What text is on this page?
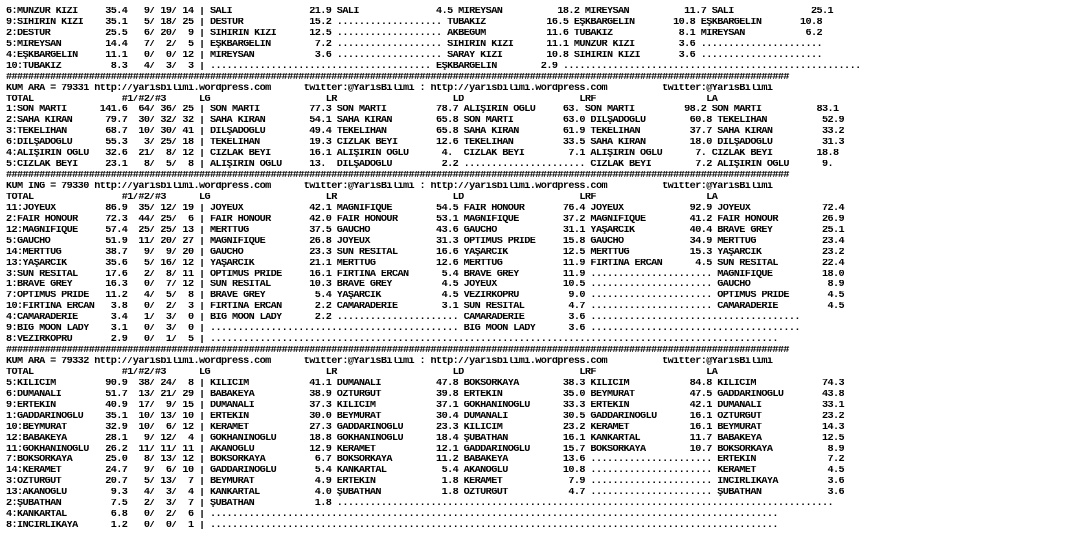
6:MUNZUR KIZI     35.4   9/ 19/ 14 | SALİ              21.9 SALİ              4.5 MİREYSAN          18.2 MİREYSAN          11.7 SALİ              25.1
9:SİHİRİN KIZI    35.1   5/ 18/ 25 | DESTUR            15.2 ................... TUBAKIZ           16.5 EŞKBARGELİN       10.8 EŞKBARGELİN       10.8
2:DESTUR          25.5   6/ 20/  9 | SİHİRİN KIZI      12.5 ................... AKBEGÜM           11.6 TUBAKIZ            8.1 MİREYSAN           6.2
5:MİREYSAN        14.4   7/  2/  5 | EŞKBARGELİN        7.2 ................... SİHİRİN KIZI      11.1 MUNZUR KIZI        3.6 ......................
4:EŞKBARGELİN     11.1   0/  0/ 12 | MİREYSAN           3.6 ................... SARAY KIZI        10.8 SİHİRİN KIZI       3.6 ......................
10:TUBAKIZ         8.3   4/  3/  3 | ........................................ EŞKBARGELİN        2.9 ......................................................
##############################################################################################################################################
KUM ARA = 79331 http://yarisbilimi.wordpress.com      twitter:@YarisBilimi : http://yarisbilimi.wordpress.com          twitter:@YarisBilimi
TOTAL                #1/#2/#3      LG                     LR                     LD                     LRF                    LA
1:SON MARTI      141.6  64/ 36/ 25 | SON MARTI         77.3 SON MARTI         78.7 ALİŞİRİN OĞLU     63. SON MARTI         98.2 SON MARTI          83.1
2:SAHA KIRAN      79.7  30/ 32/ 32 | SAHA KIRAN        54.1 SAHA KIRAN        65.8 SON MARTI         63.0 DİLŞADOĞLU        60.8 TEKELİHAN          52.9
3:TEKELİHAN       68.7  10/ 30/ 41 | DİLŞADOĞLU        49.4 TEKELİHAN         65.8 SAHA KIRAN        61.9 TEKELİHAN         37.7 SAHA KIRAN         33.2
6:DİLŞADOĞLU      55.3   3/ 25/ 18 | TEKELİHAN         19.3 CIZLAK BEYİ       12.6 TEKELİHAN         33.5 SAHA KIRAN        18.0 DİLŞADOĞLU         31.3
4:ALİŞİRİN OĞLU   32.6  21/  8/ 12 | CIZLAK BEYİ       16.1 ALİŞİRİN OĞLU      4.  CIZLAK BEYİ        7.1 ALİŞİRİN OĞLU      7. CIZLAK BEYİ        18.8
5:CIZLAK BEYİ     23.1   8/  5/  8 | ALİŞİRİN OĞLU     13.  DİLŞADOĞLU         2.2 ...................... CIZLAK BEYİ        7.2 ALİŞİRİN OĞLU      9.
##############################################################################################################################################
KUM İNG = 79330 http://yarisbilimi.wordpress.com      twitter:@YarisBilimi : http://yarisbilimi.wordpress.com          twitter:@YarisBilimi
TOTAL                #1/#2/#3      LG                     LR                     LD                     LRF                    LA
11:JOYEUX         86.9  35/ 12/ 19 | JOYEUX            42.1 MAGNIFIQUE        54.5 FAIR HONOUR       76.4 JOYEUX            92.9 JOYEUX             72.4
2:FAIR HONOUR     72.3  44/ 25/  6 | FAIR HONOUR       42.0 FAIR HONOUR       53.1 MAGNIFIQUE        37.2 MAGNIFIQUE        41.2 FAIR HONOUR        26.9
12:MAGNIFIQUE     57.4  25/ 25/ 13 | MERTTUĞ           37.5 GAUCHO            43.6 GAUCHO            31.1 YAŞARCIK          40.4 BRAVE GREY         25.1
5:GAUCHO          51.9  11/ 20/ 27 | MAGNIFIQUE        26.8 JOYEUX            31.3 OPTIMUS PRIDE     15.8 GAUCHO            34.9 MERTTUĞ            23.4
14:MERTTUĞ        38.7   9/  9/ 20 | GAUCHO            23.3 SUN RESİTAL       16.6 YAŞARCIK          12.5 MERTTUĞ           15.3 YAŞARCIK           23.2
13:YAŞARCIK       35.6   5/ 16/ 12 | YAŞARCIK          21.1 MERTTUĞ           12.6 MERTTUĞ           11.9 FIRTINA ERCAN      4.5 SUN RESİTAL        22.4
3:SUN RESİTAL     17.6   2/  8/ 11 | OPTIMUS PRIDE     16.1 FIRTINA ERCAN      5.4 BRAVE GREY        11.9 ...................... MAGNIFIQUE         18.0
1:BRAVE GREY      16.3   0/  7/ 12 | SUN RESİTAL       10.3 BRAVE GREY         4.5 JOYEUX            10.5 ...................... GAUCHO              8.9
7:OPTIMUS PRIDE   11.2   4/  5/  8 | BRAVE GREY         5.4 YAŞARCIK           4.5 VEZİRKÖPRÜ         9.0 ...................... OPTIMUS PRIDE       4.5
10:FIRTINA ERCAN   3.8   0/  2/  3 | FIRTINA ERCAN      2.2 CAMARADERIE        3.1 SUN RESİTAL        4.7 ...................... CAMARADERIE         4.5
4:CAMARADERIE      3.4   1/  3/  0 | BIG MOON LADY      2.2 ...................... CAMARADERIE        3.6 ......................................
9:BIG MOON LADY    3.1   0/  3/  0 | ............................................. BIG MOON LADY      3.6 ......................................
8:VEZİRKÖPRÜ       2.9   0/  1/  5 | .......................................................................................................
##############################################################################################################################################
KUM ARA = 79332 http://yarisbilimi.wordpress.com      twitter:@YarisBilimi : http://yarisbilimi.wordpress.com          twitter:@YarisBilimi
TOTAL                #1/#2/#3      LG                     LR                     LD                     LRF                    LA
5:KILICIM         90.9  38/ 24/  8 | KILICIM           41.1 DUMANALİ          47.8 BOKSÖRKAYA        38.3 KILICIM           84.8 KILICIM            74.3
6:DUMANALİ        51.7  13/ 21/ 29 | BABAKEYA          38.9 ÖZTURGUT          39.8 ERTEKİN           35.0 BEYMURAT          47.5 GADDARINOĞLU       43.8
9:ERTEKİN         40.9  17/  9/ 15 | DUMANALİ          37.3 KILICIM           37.1 GÖKHANINOĞLU      33.3 ERTEKİN           42.1 DUMANALİ           33.1
1:GADDARINOĞLU    35.1  10/ 13/ 10 | ERTEKİN           30.0 BEYMURAT          30.4 DUMANALİ          30.5 GADDARINOĞLU      16.1 ÖZTURGUT           23.2
10:BEYMURAT       32.9  10/  6/ 12 | KERAMET           27.3 GADDARINOĞLU      23.3 KILICIM           23.2 KERAMET           16.1 BEYMURAT           14.3
12:BABAKEYA       28.1   9/ 12/  4 | GÖKHANINOĞLU      18.8 GÖKHANINOĞLU      18.4 ŞUBATHAN          16.1 KANKARTAL         11.7 BABAKEYA           12.5
11:GÖKHANINOĞLU   26.2  11/ 11/ 11 | AKANOĞLU          12.9 KERAMET           12.1 GADDARINOĞLU      15.7 BOKSÖRKAYA        10.7 BOKSÖRKAYA          8.9
7:BOKSÖRKAYA      25.0   8/ 13/ 12 | BOKSÖRKAYA         6.7 BOKSÖRKAYA        11.2 BABAKEYA          13.6 ...................... ERTEKİN             7.2
14:KERAMET        24.7   9/  6/ 10 | GADDARINOĞLU       5.4 KANKARTAL          5.4 AKANOĞLU          10.8 ...................... KERAMET             4.5
3:ÖZTURGUT        20.7   5/ 13/  7 | BEYMURAT           4.9 ERTEKİN            1.8 KERAMET            7.9 ...................... İNCİRLİKAYA         3.6
13:AKANOĞLU        9.3   4/  3/  4 | KANKARTAL          4.0 ŞUBATHAN           1.8 ÖZTURGUT           4.7 ...................... ŞUBATHAN            3.6
2:ŞUBATHAN         7.5   2/  3/  7 | ŞUBATHAN           1.8 ..........................................................................................
4:KANKARTAL        6.8   0/  2/  6 | .......................................................................................................
8:İNCİRLİKAYA      1.2   0/  0/  1 | .......................................................................................................
